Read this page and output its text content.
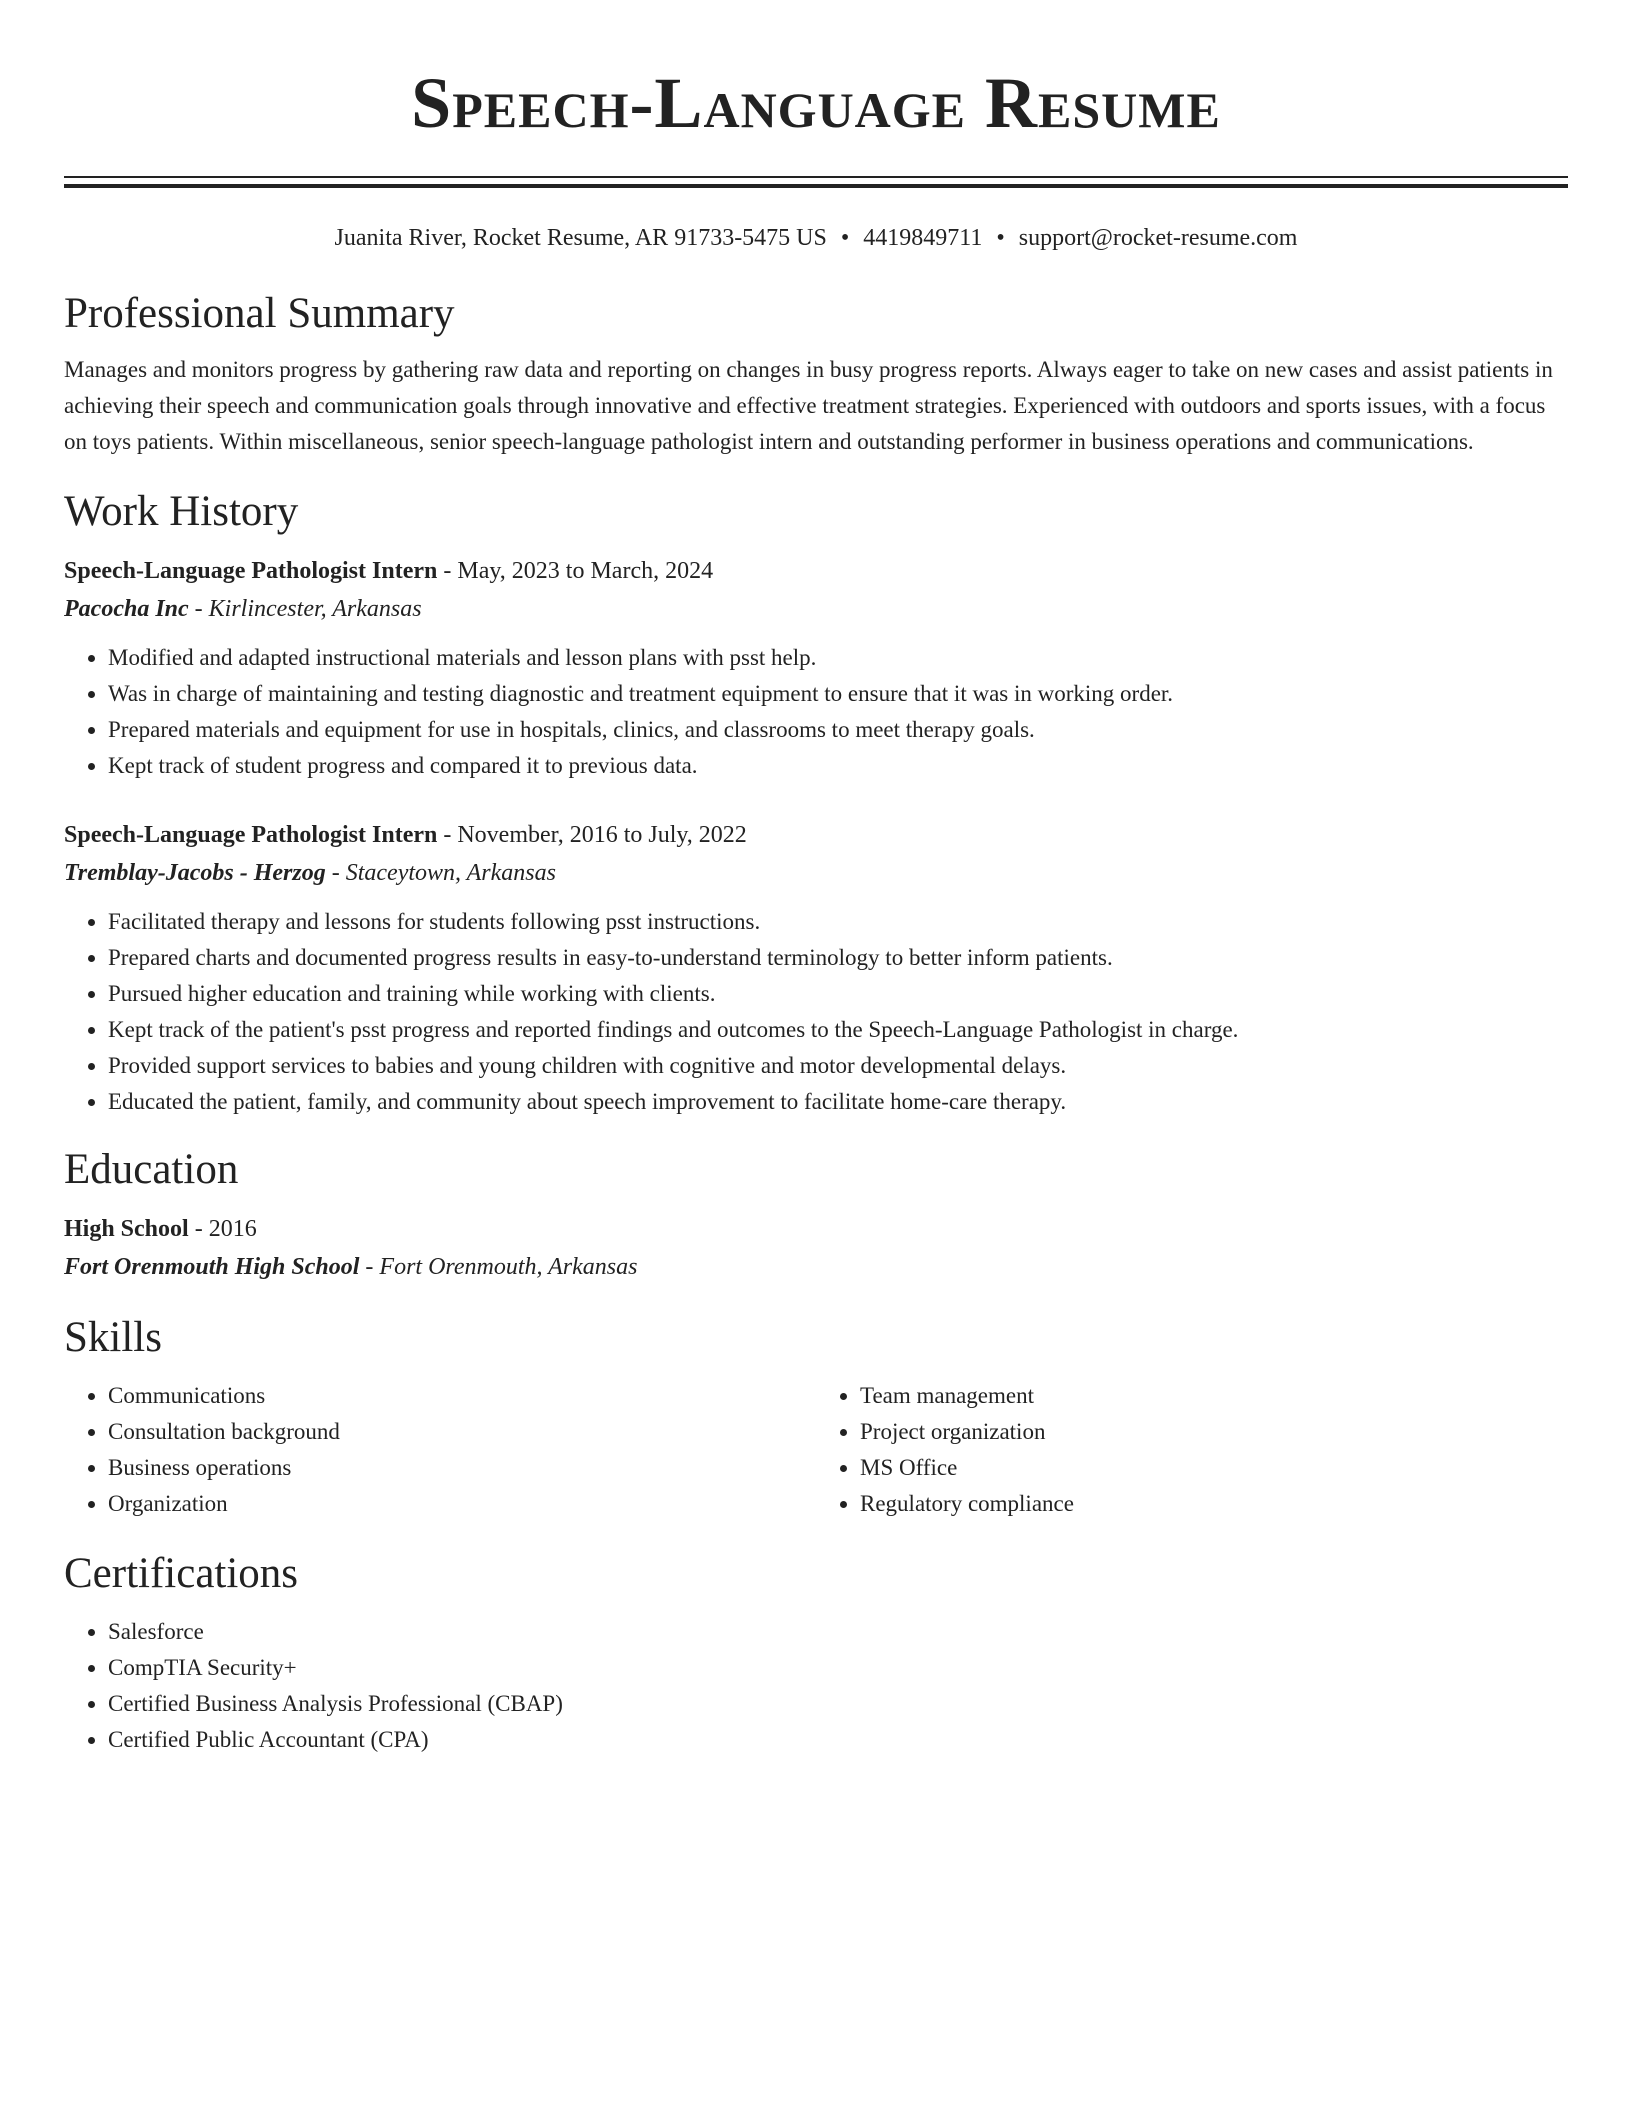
Speech-Language Resume
Juanita River, Rocket Resume, AR 91733-5475 US • 4419849711 • support@rocket-resume.com
Professional Summary

Manages and monitors progress by gathering raw data and reporting on changes in busy progress reports. Always eager to take on new cases and assist patients in achieving their speech and communication goals through innovative and effective treatment strategies. Experienced with outdoors and sports issues, with a focus on toys patients. Within miscellaneous, senior speech-language pathologist intern and outstanding performer in business operations and communications.

Work History
Speech-Language Pathologist Intern - May, 2023 to March, 2024
Pacocha Inc - Kirlincester, Arkansas
• Modified and adapted instructional materials and lesson plans with psst help.
• Was in charge of maintaining and testing diagnostic and treatment equipment to ensure that it was in working order.
• Prepared materials and equipment for use in hospitals, clinics, and classrooms to meet therapy goals.
• Kept track of student progress and compared it to previous data.
Speech-Language Pathologist Intern - November, 2016 to July, 2022
Tremblay-Jacobs - Herzog - Staceytown, Arkansas
• Facilitated therapy and lessons for students following psst instructions.
• Prepared charts and documented progress results in easy-to-understand terminology to better inform patients.
• Pursued higher education and training while working with clients.
• Kept track of the patient's psst progress and reported findings and outcomes to the Speech-Language Pathologist in charge.
• Provided support services to babies and young children with cognitive and motor developmental delays.
• Educated the patient, family, and community about speech improvement to facilitate home-care therapy.
Education
High School - 2016
Fort Orenmouth High School - Fort Orenmouth, Arkansas
Skills
• Communications
• Consultation background
• Business operations
• Organization
• Team management
• Project organization
• MS Office
• Regulatory compliance
Certifications
• Salesforce
• CompTIA Security+
• Certified Business Analysis Professional (CBAP)
• Certified Public Accountant (CPA)
